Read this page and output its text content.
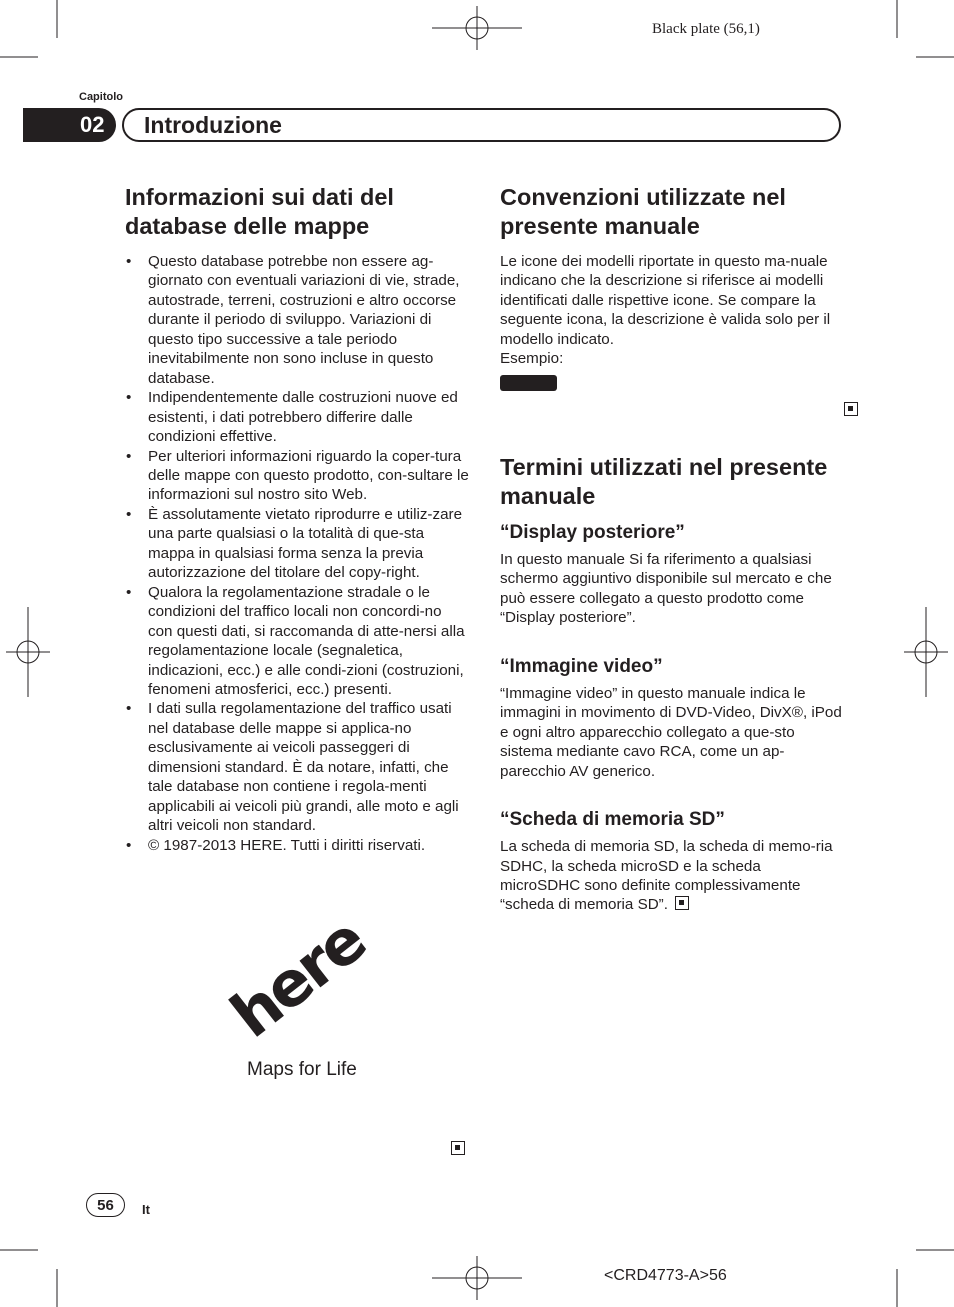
Black plate (56,1)
Capitolo
02 Introduzione
Informazioni sui dati del database delle mappe
• Questo database potrebbe non essere ag-giornato con eventuali variazioni di vie, strade, autostrade, terreni, costruzioni e altro occorse durante il periodo di sviluppo. Variazioni di questo tipo successive a tale periodo inevitabilmente non sono incluse in questo database.
• Indipendentemente dalle costruzioni nuove ed esistenti, i dati potrebbero differire dalle condizioni effettive.
• Per ulteriori informazioni riguardo la coper-tura delle mappe con questo prodotto, con-sultare le informazioni sul nostro sito Web.
• È assolutamente vietato riprodurre e utiliz-zare una parte qualsiasi o la totalità di que-sta mappa in qualsiasi forma senza la previa autorizzazione del titolare del copy-right.
• Qualora la regolamentazione stradale o le condizioni del traffico locali non concordi-no con questi dati, si raccomanda di atte-nersi alla regolamentazione locale (segnaletica, indicazioni, ecc.) e alle condi-zioni (costruzioni, fenomeni atmosferici, ecc.) presenti.
• I dati sulla regolamentazione del traffico usati nel database delle mappe si applica-no esclusivamente ai veicoli passeggeri di dimensioni standard. È da notare, infatti, che tale database non contiene i regola-menti applicabili ai veicoli più grandi, alle moto e agli altri veicoli non standard.
• © 1987-2013 HERE. Tutti i diritti riservati.
here
Maps for Life

Convenzioni utilizzate nel presente manuale
Le icone dei modelli riportate in questo ma-nuale indicano che la descrizione si riferisce ai modelli identificati dalle rispettive icone. Se compare la seguente icona, la descrizione è valida solo per il modello indicato.
Esempio:
Termini utilizzati nel presente manuale
“Display posteriore”
In questo manuale Si fa riferimento a qualsiasi schermo aggiuntivo disponibile sul mercato e che può essere collegato a questo prodotto come “Display posteriore”.
“Immagine video”
“Immagine video” in questo manuale indica le immagini in movimento di DVD-Video, DivX®, iPod e ogni altro apparecchio collegato a que-sto sistema mediante cavo RCA, come un ap-parecchio AV generico.
“Scheda di memoria SD”
La scheda di memoria SD, la scheda di memo-ria SDHC, la scheda microSD e la scheda microSDHC sono definite complessivamente “scheda di memoria SD”.
56 It
<CRD4773-A>56
